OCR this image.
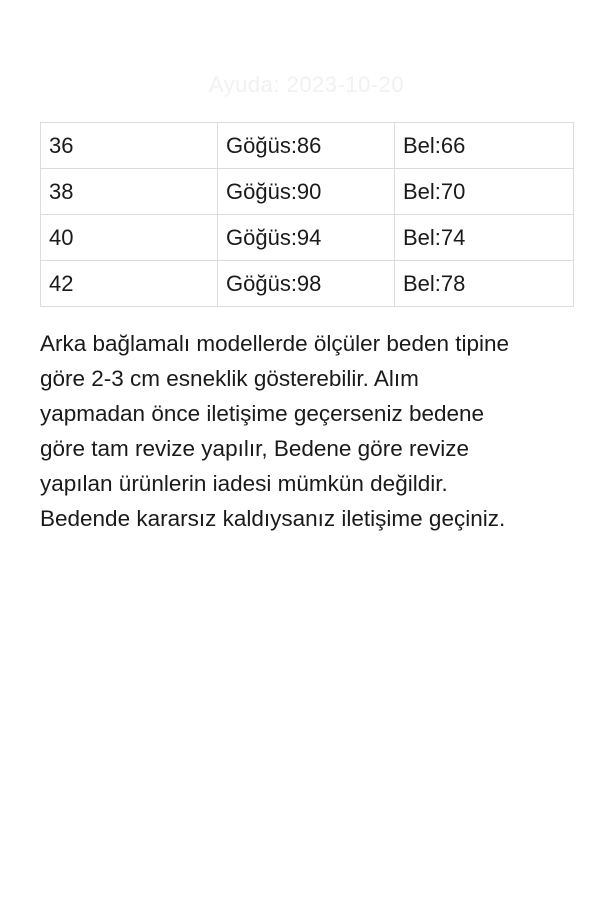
Ayuda: 2023-10-20
36	Göğüs:86	Bel:66
38	Göğüs:90	Bel:70
40	Göğüs:94	Bel:74
42	Göğüs:98	Bel:78

Arka bağlamalı modellerde ölçüler beden tipine
göre 2-3 cm esneklik gösterebilir. Alım
yapmadan önce iletişime geçerseniz bedene
göre tam revize yapılır, Bedene göre revize
yapılan ürünlerin iadesi mümkün değildir.
Bedende kararsız kaldıysanız iletişime geçiniz.
